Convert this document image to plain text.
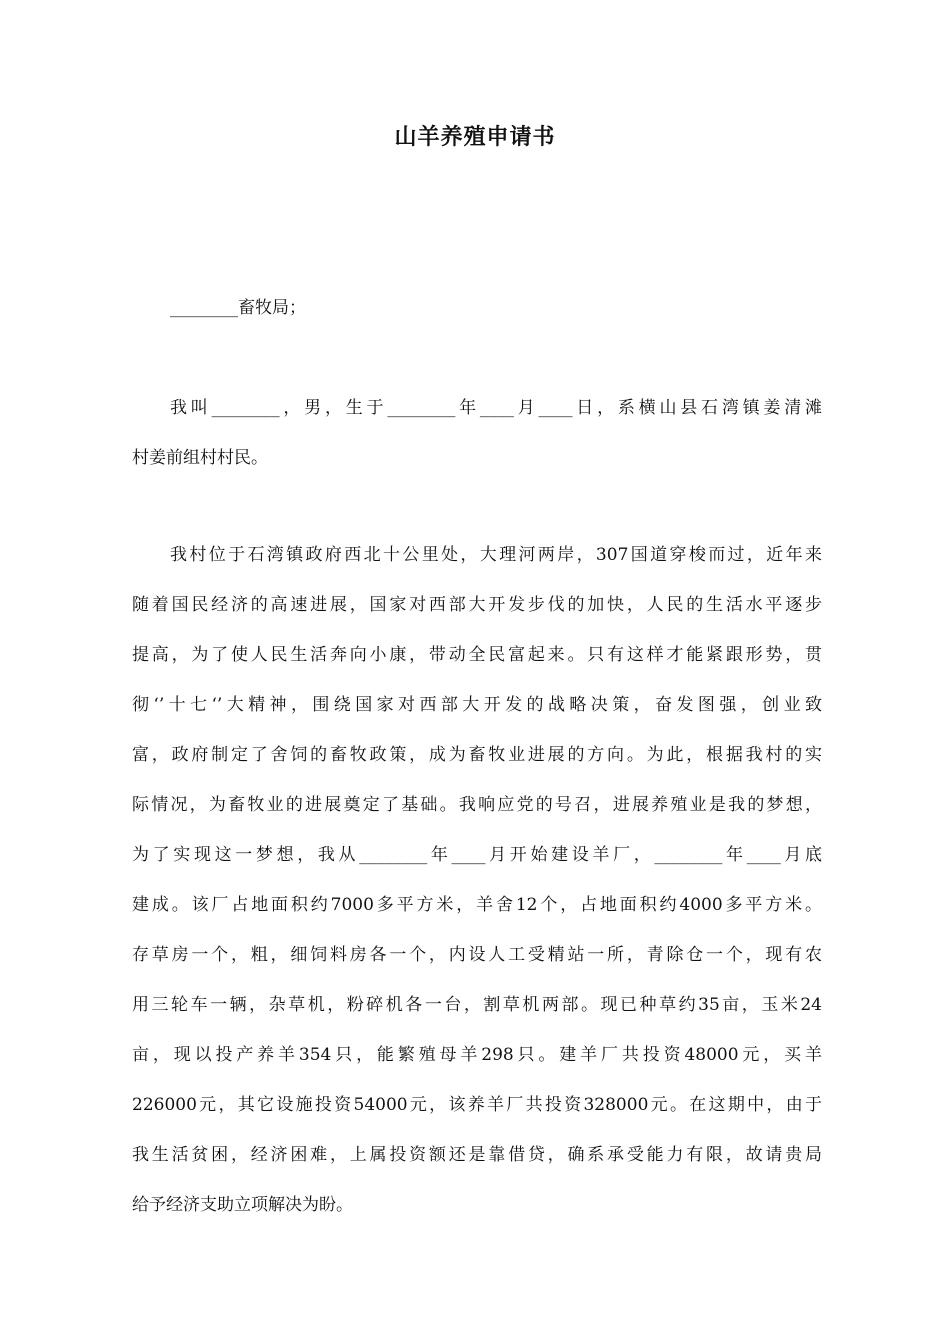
山羊养殖申请书
________畜牧局；
我叫________，男，生于________年____月____日，系横山县石湾镇姜清滩
村姜前组村村民。
我村位于石湾镇政府西北十公里处，大理河两岸，307国道穿梭而过，近年来
随着国民经济的高速进展，国家对西部大开发步伐的加快，人民的生活水平逐步
提高，为了使人民生活奔向小康，带动全民富起来。只有这样才能紧跟形势，贯
彻‘’十七‘’大精神，围绕国家对西部大开发的战略决策，奋发图强，创业致
富，政府制定了舍饲的畜牧政策，成为畜牧业进展的方向。为此，根据我村的实
际情况，为畜牧业的进展奠定了基础。我响应党的号召，进展养殖业是我的梦想，
为了实现这一梦想，我从________年____月开始建设羊厂，________年____月底
建成。该厂占地面积约7000多平方米，羊舍12个，占地面积约4000多平方米。
存草房一个，粗，细饲料房各一个，内设人工受精站一所，青除仓一个，现有农
用三轮车一辆，杂草机，粉碎机各一台，割草机两部。现已种草约35亩，玉米24
亩，现以投产养羊354只，能繁殖母羊298只。建羊厂共投资48000元，买羊
226000元，其它设施投资54000元，该养羊厂共投资328000元。在这期中，由于
我生活贫困，经济困难，上属投资额还是靠借贷，确系承受能力有限，故请贵局
给予经济支助立项解决为盼。
